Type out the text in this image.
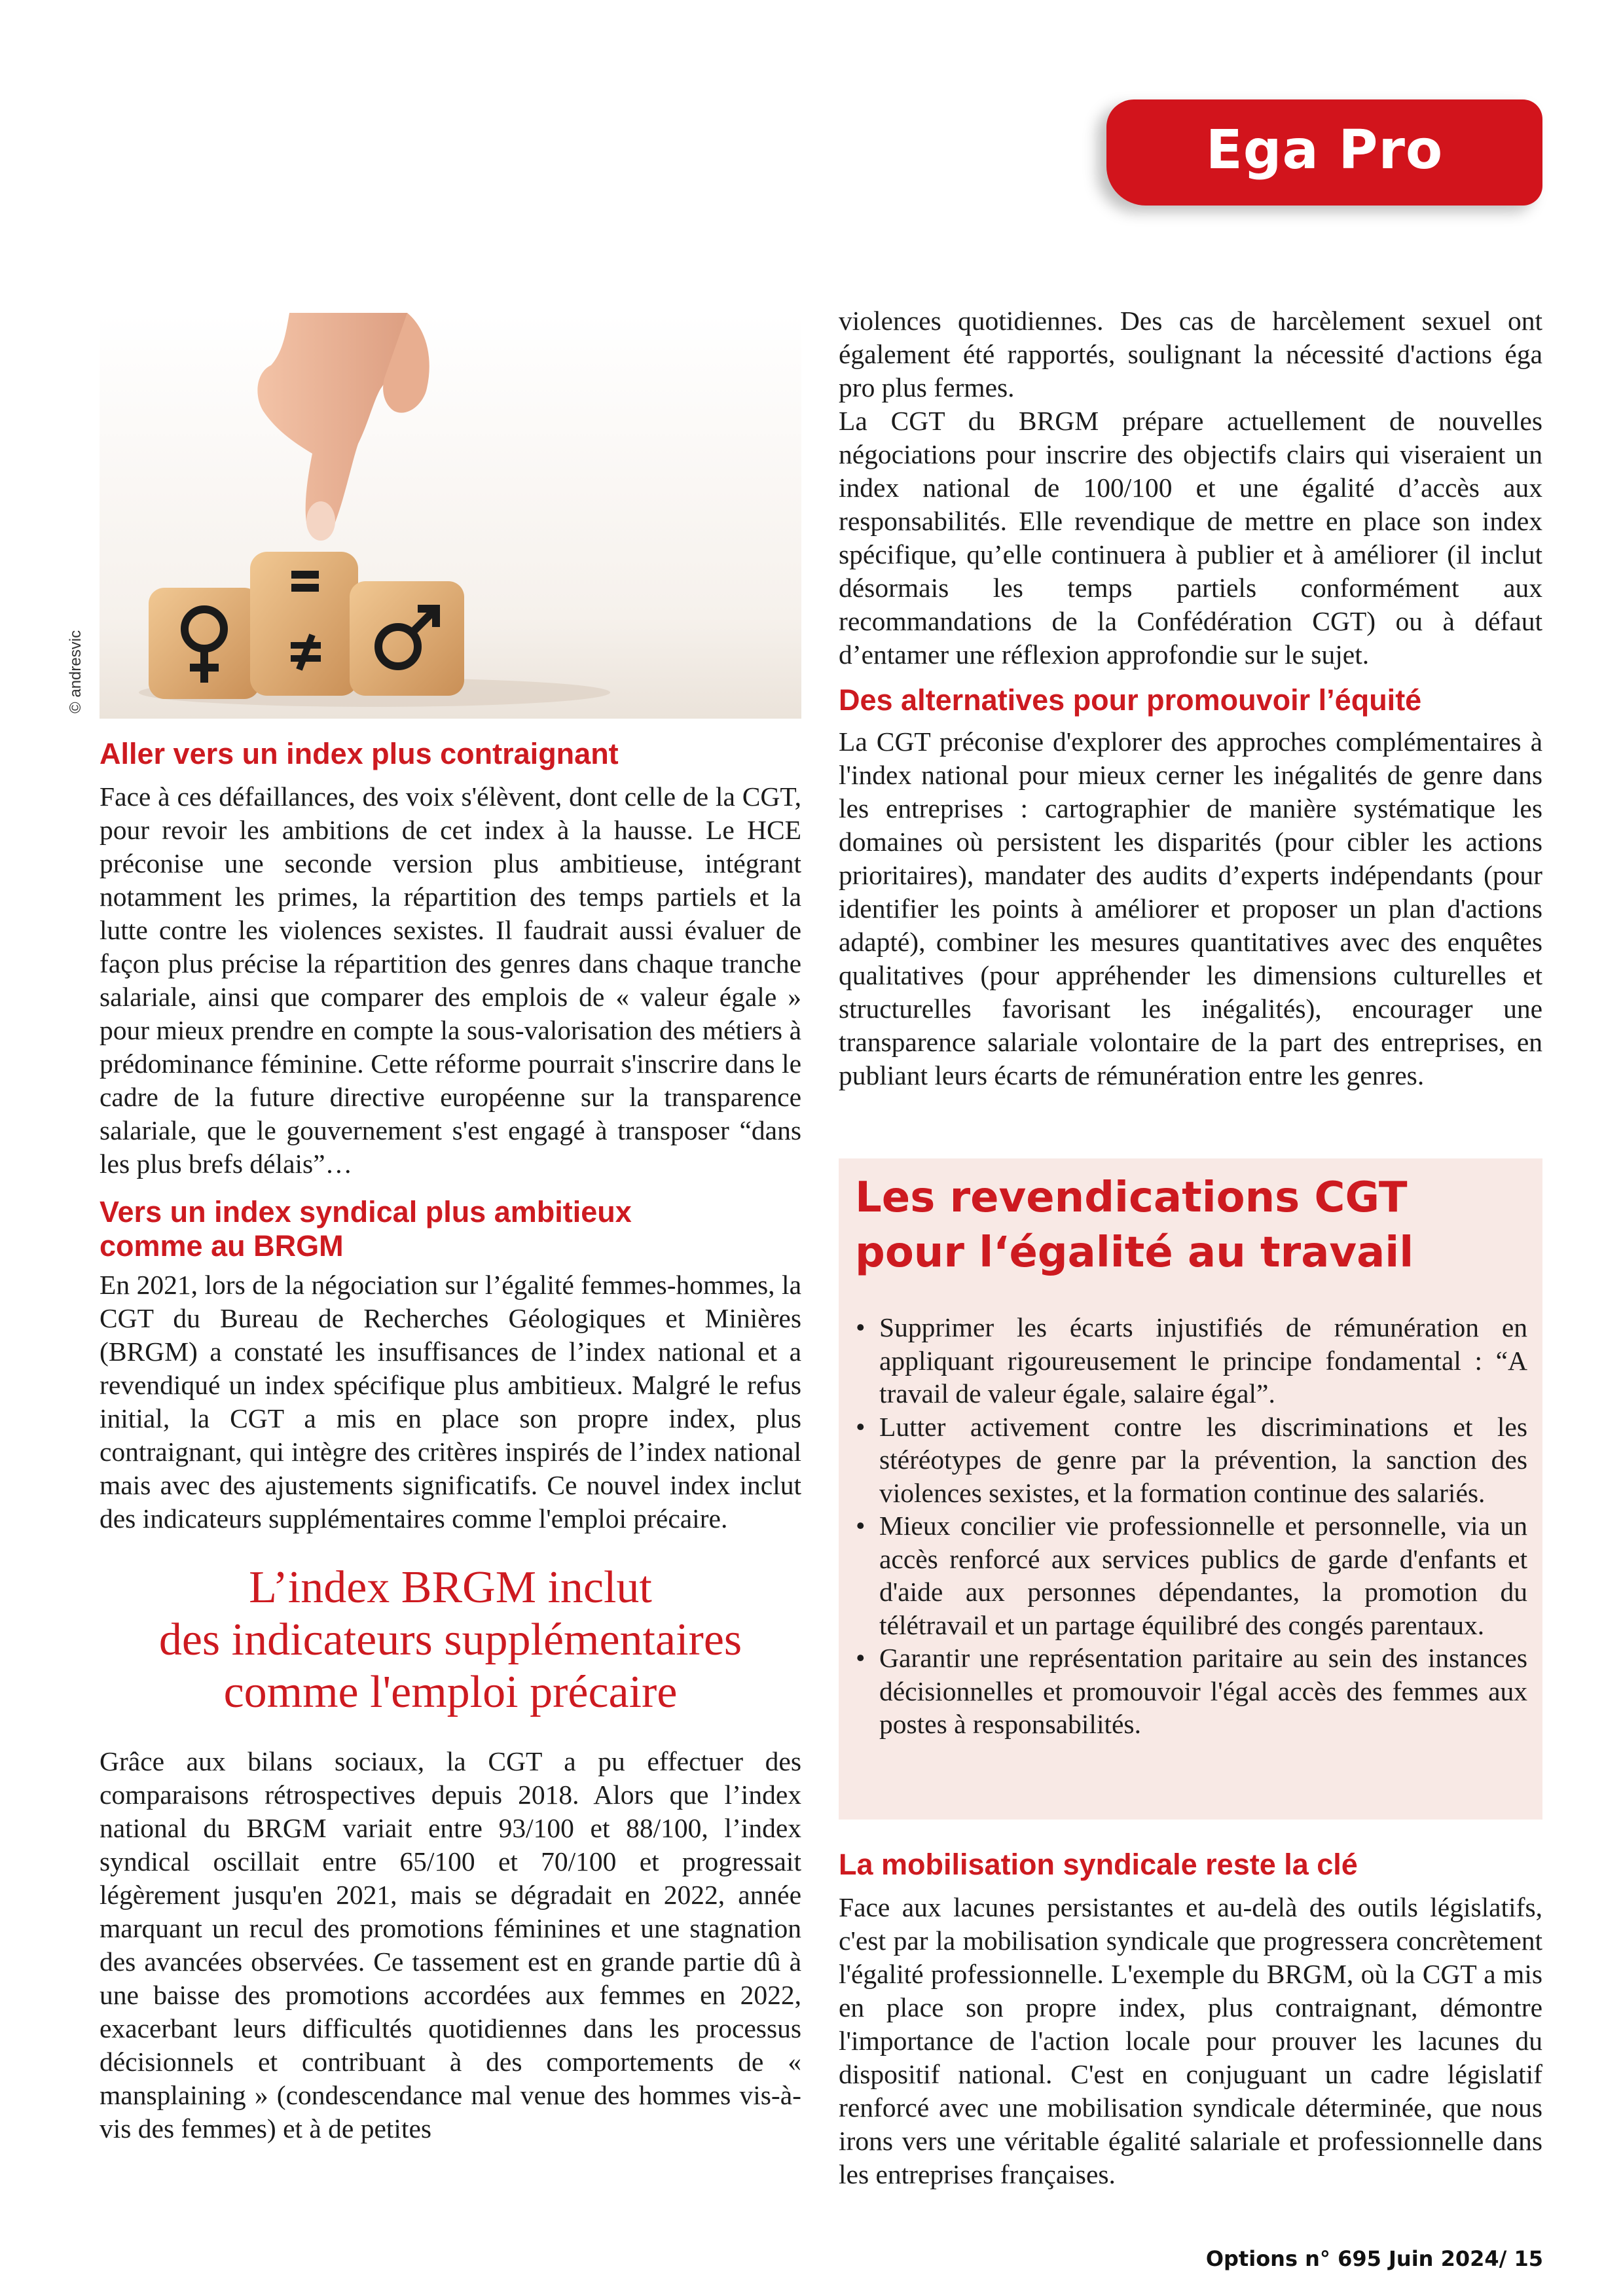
Ega Pro
© andresvic
Aller vers un index plus contraignant

Face à ces défaillances, des voix s'élèvent, dont celle de la CGT, pour revoir les ambitions de cet index à la hausse. Le HCE préconise une seconde version plus ambitieuse, intégrant notamment les primes, la répartition des temps partiels et la lutte contre les violences sexistes. Il faudrait aussi évaluer de façon plus précise la répartition des genres dans chaque tranche salariale, ainsi que comparer des emplois de « valeur égale » pour mieux prendre en compte la sous-valorisation des métiers à prédominance féminine. Cette réforme pourrait s'inscrire dans le cadre de la future directive européenne sur la transparence salariale, que le gouvernement s'est engagé à transposer “dans les plus brefs délais”…

Vers un index syndical plus ambitieux comme au BRGM

En 2021, lors de la négociation sur l’égalité femmes-hommes, la CGT du Bureau de Recherches Géologiques et Minières (BRGM) a constaté les insuffisances de l’index national et a revendiqué un index spécifique plus ambitieux. Malgré le refus initial, la CGT a mis en place son propre index, plus contraignant, qui intègre des critères inspirés de l’index national mais avec des ajustements significatifs. Ce nouvel index inclut des indicateurs supplémentaires comme l'emploi précaire.

L’index BRGM inclut

des indicateurs supplémentaires

comme l'emploi précaire

Grâce aux bilans sociaux, la CGT a pu effectuer des comparaisons rétrospectives depuis 2018. Alors que l’index national du BRGM variait entre 93/100 et 88/100, l’index syndical oscillait entre 65/100 et 70/100 et progressait légèrement jusqu'en 2021, mais se dégradait en 2022, année marquant un recul des promotions féminines et une stagnation des avancées observées. Ce tassement est en grande partie dû à une baisse des promotions accordées aux femmes en 2022, exacerbant leurs difficultés quotidiennes dans les processus décisionnels et contribuant à des comportements de « mansplaining » (condescendance mal venue des hommes vis-à-vis des femmes) et à de petites

violences quotidiennes. Des cas de harcèlement sexuel ont également été rapportés, soulignant la nécessité d'actions éga pro plus fermes.

La CGT du BRGM prépare actuellement de nouvelles négociations pour inscrire des objectifs clairs qui viseraient un index national de 100/100 et une égalité d’accès aux responsabilités. Elle revendique de mettre en place son index spécifique, qu’elle continuera à publier et à améliorer (il inclut désormais les temps partiels conformément aux recommandations de la Confédération CGT) ou à défaut d’entamer une réflexion approfondie sur le sujet.

Des alternatives pour promouvoir l’équité

La CGT préconise d'explorer des approches complémentaires à l'index national pour mieux cerner les inégalités de genre dans les entreprises : cartographier de manière systématique les domaines où persistent les disparités (pour cibler les actions prioritaires), mandater des audits d’experts indépendants (pour identifier les points à améliorer et proposer un plan d'actions adapté), combiner les mesures quantitatives avec des enquêtes qualitatives (pour appréhender les dimensions culturelles et structurelles favorisant les inégalités), encourager une transparence salariale volontaire de la part des entreprises, en publiant leurs écarts de rémunération entre les genres.

Les revendications CGT
pour l‘égalité au travail
• Supprimer les écarts injustifiés de rémunération en appliquant rigoureusement le principe fondamental : “A travail de valeur égale, salaire égal”.
• Lutter activement contre les discriminations et les stéréotypes de genre par la prévention, la sanction des violences sexistes, et la formation continue des salariés.
• Mieux concilier vie professionnelle et personnelle, via un accès renforcé aux services publics de garde d'enfants et d'aide aux personnes dépendantes, la promotion du télétravail et un partage équilibré des congés parentaux.
• Garantir une représentation paritaire au sein des instances décisionnelles et promouvoir l'égal accès des femmes aux postes à responsabilités.
La mobilisation syndicale reste la clé

Face aux lacunes persistantes et au-delà des outils législatifs, c'est par la mobilisation syndicale que progressera concrètement l'égalité professionnelle. L'exemple du BRGM, où la CGT a mis en place son propre index, plus contraignant, démontre l'importance de l'action locale pour prouver les lacunes du dispositif national. C'est en conjuguant un cadre législatif renforcé avec une mobilisation syndicale déterminée, que nous irons vers une véritable égalité salariale et professionnelle dans les entreprises françaises.

Options n° 695 Juin 2024/ 15
